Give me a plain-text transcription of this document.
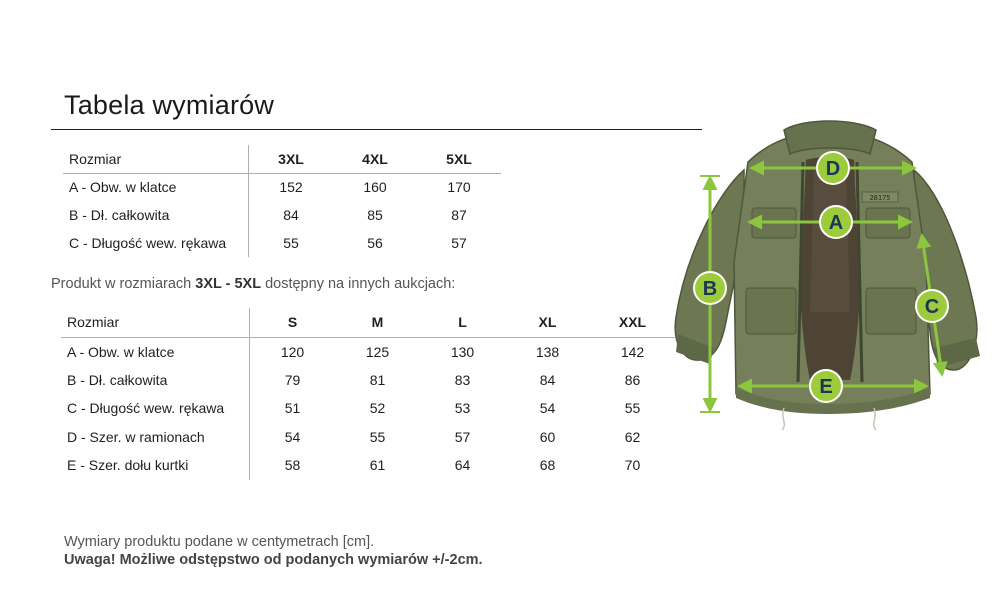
Tabela wymiarów
Rozmiar	3XL	4XL	5XL
A - Obw. w klatce	152	160	170
B - Dł. całkowita	84	85	87
C - Długość wew. rękawa	55	56	57
Produkt w rozmiarach 3XL - 5XL dostępny na innych aukcjach:
Rozmiar	S	M	L	XL	XXL
A - Obw. w klatce	120	125	130	138	142
B - Dł. całkowita	79	81	83	84	86
C - Długość wew. rękawa	51	52	53	54	55
D - Szer. w ramionach	54	55	57	60	62
E - Szer. dołu kurtki	58	61	64	68	70
Wymiary produktu podane w centymetrach [cm].
Uwaga! Możliwe odstępstwo od podanych wymiarów +/-2cm.
28175
D
A
B
C
E
